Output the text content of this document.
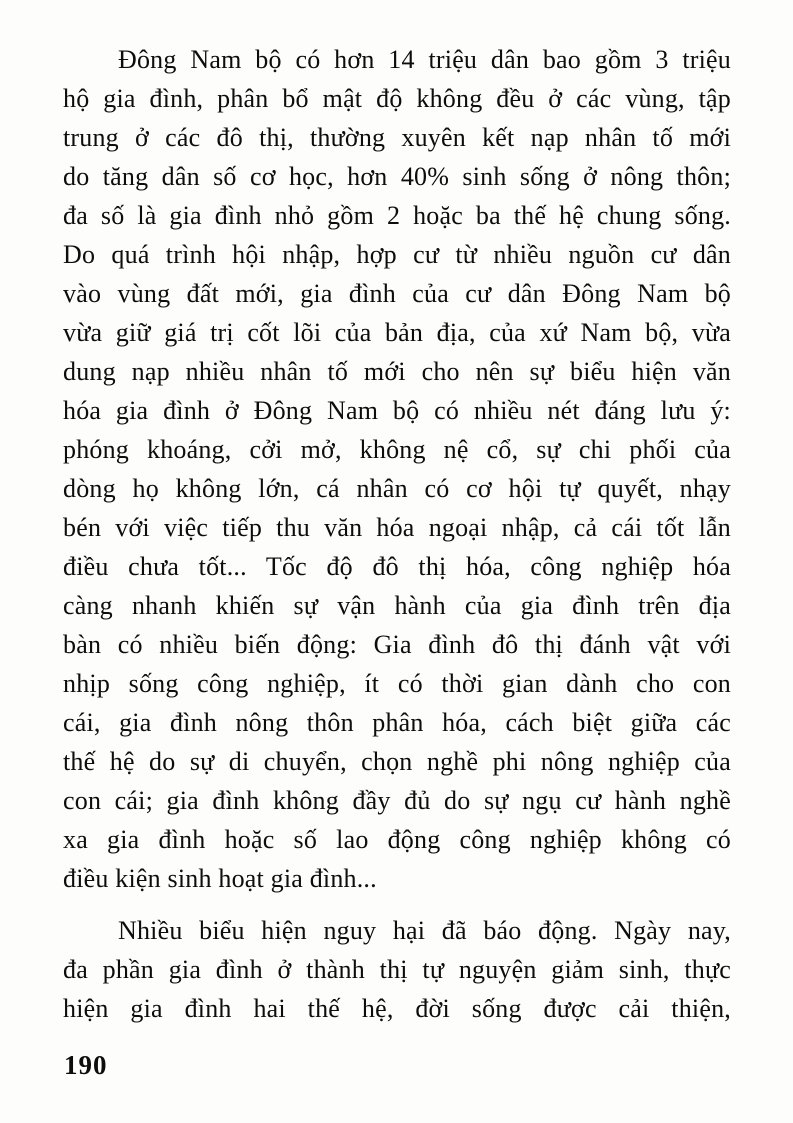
Đông Nam bộ có hơn 14 triệu dân bao gồm 3 triệu
hộ gia đình, phân bổ mật độ không đều ở các vùng, tập
trung ở các đô thị, thường xuyên kết nạp nhân tố mới
do tăng dân số cơ học, hơn 40% sinh sống ở nông thôn;
đa số là gia đình nhỏ gồm 2 hoặc ba thế hệ chung sống.
Do quá trình hội nhập, hợp cư từ nhiều nguồn cư dân
vào vùng đất mới, gia đình của cư dân Đông Nam bộ
vừa giữ giá trị cốt lõi của bản địa, của xứ Nam bộ, vừa
dung nạp nhiều nhân tố mới cho nên sự biểu hiện văn
hóa gia đình ở Đông Nam bộ có nhiều nét đáng lưu ý:
phóng khoáng, cởi mở, không nệ cổ, sự chi phối của
dòng họ không lớn, cá nhân có cơ hội tự quyết, nhạy
bén với việc tiếp thu văn hóa ngoại nhập, cả cái tốt lẫn
điều chưa tốt... Tốc độ đô thị hóa, công nghiệp hóa
càng nhanh khiến sự vận hành của gia đình trên địa
bàn có nhiều biến động: Gia đình đô thị đánh vật với
nhịp sống công nghiệp, ít có thời gian dành cho con
cái, gia đình nông thôn phân hóa, cách biệt giữa các
thế hệ do sự di chuyển, chọn nghề phi nông nghiệp của
con cái; gia đình không đầy đủ do sự ngụ cư hành nghề
xa gia đình hoặc số lao động công nghiệp không có
điều kiện sinh hoạt gia đình...
Nhiều biểu hiện nguy hại đã báo động. Ngày nay,
đa phần gia đình ở thành thị tự nguyện giảm sinh, thực
hiện gia đình hai thế hệ, đời sống được cải thiện,
190
